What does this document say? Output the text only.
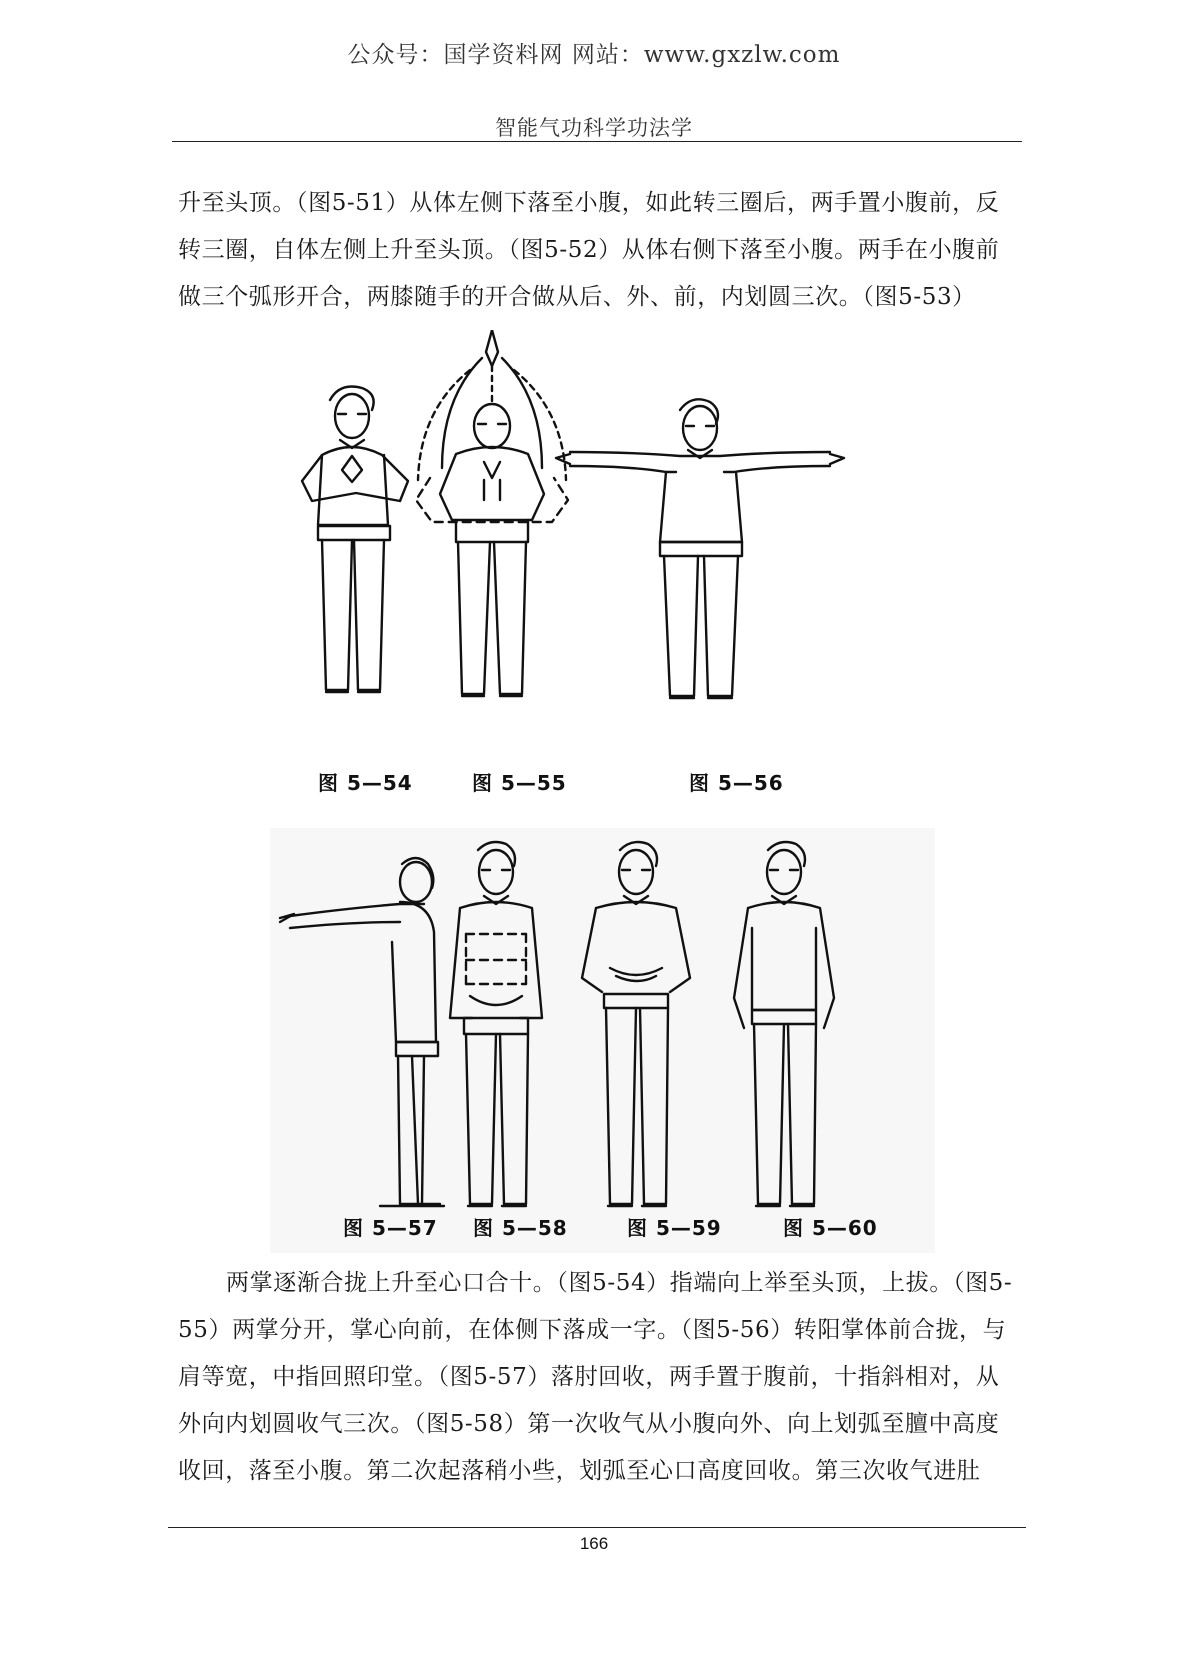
公众号：国学资料网 网站：www.gxzlw.com
智能气功科学功法学

升至头顶。（图5-51）从体左侧下落至小腹，如此转三圈后，两手置小腹前，反转三圈，自体左侧上升至头顶。（图5-52）从体右侧下落至小腹。两手在小腹前做三个弧形开合，两膝随手的开合做从后、外、前，内划圆三次。（图5-53）

图 5—54	图 5—55	图 5—56
图 5—57 图 5—58	图 5—59	图 5—60

两掌逐渐合拢上升至心口合十。（图5-54）指端向上举至头顶，上拔。（图5-55）两掌分开，掌心向前，在体侧下落成一字。（图5-56）转阳掌体前合拢，与肩等宽，中指回照印堂。（图5-57）落肘回收，两手置于腹前，十指斜相对，从外向内划圆收气三次。（图5-58）第一次收气从小腹向外、向上划弧至膻中高度收回，落至小腹。第二次起落稍小些，划弧至心口高度回收。第三次收气进肚

166
